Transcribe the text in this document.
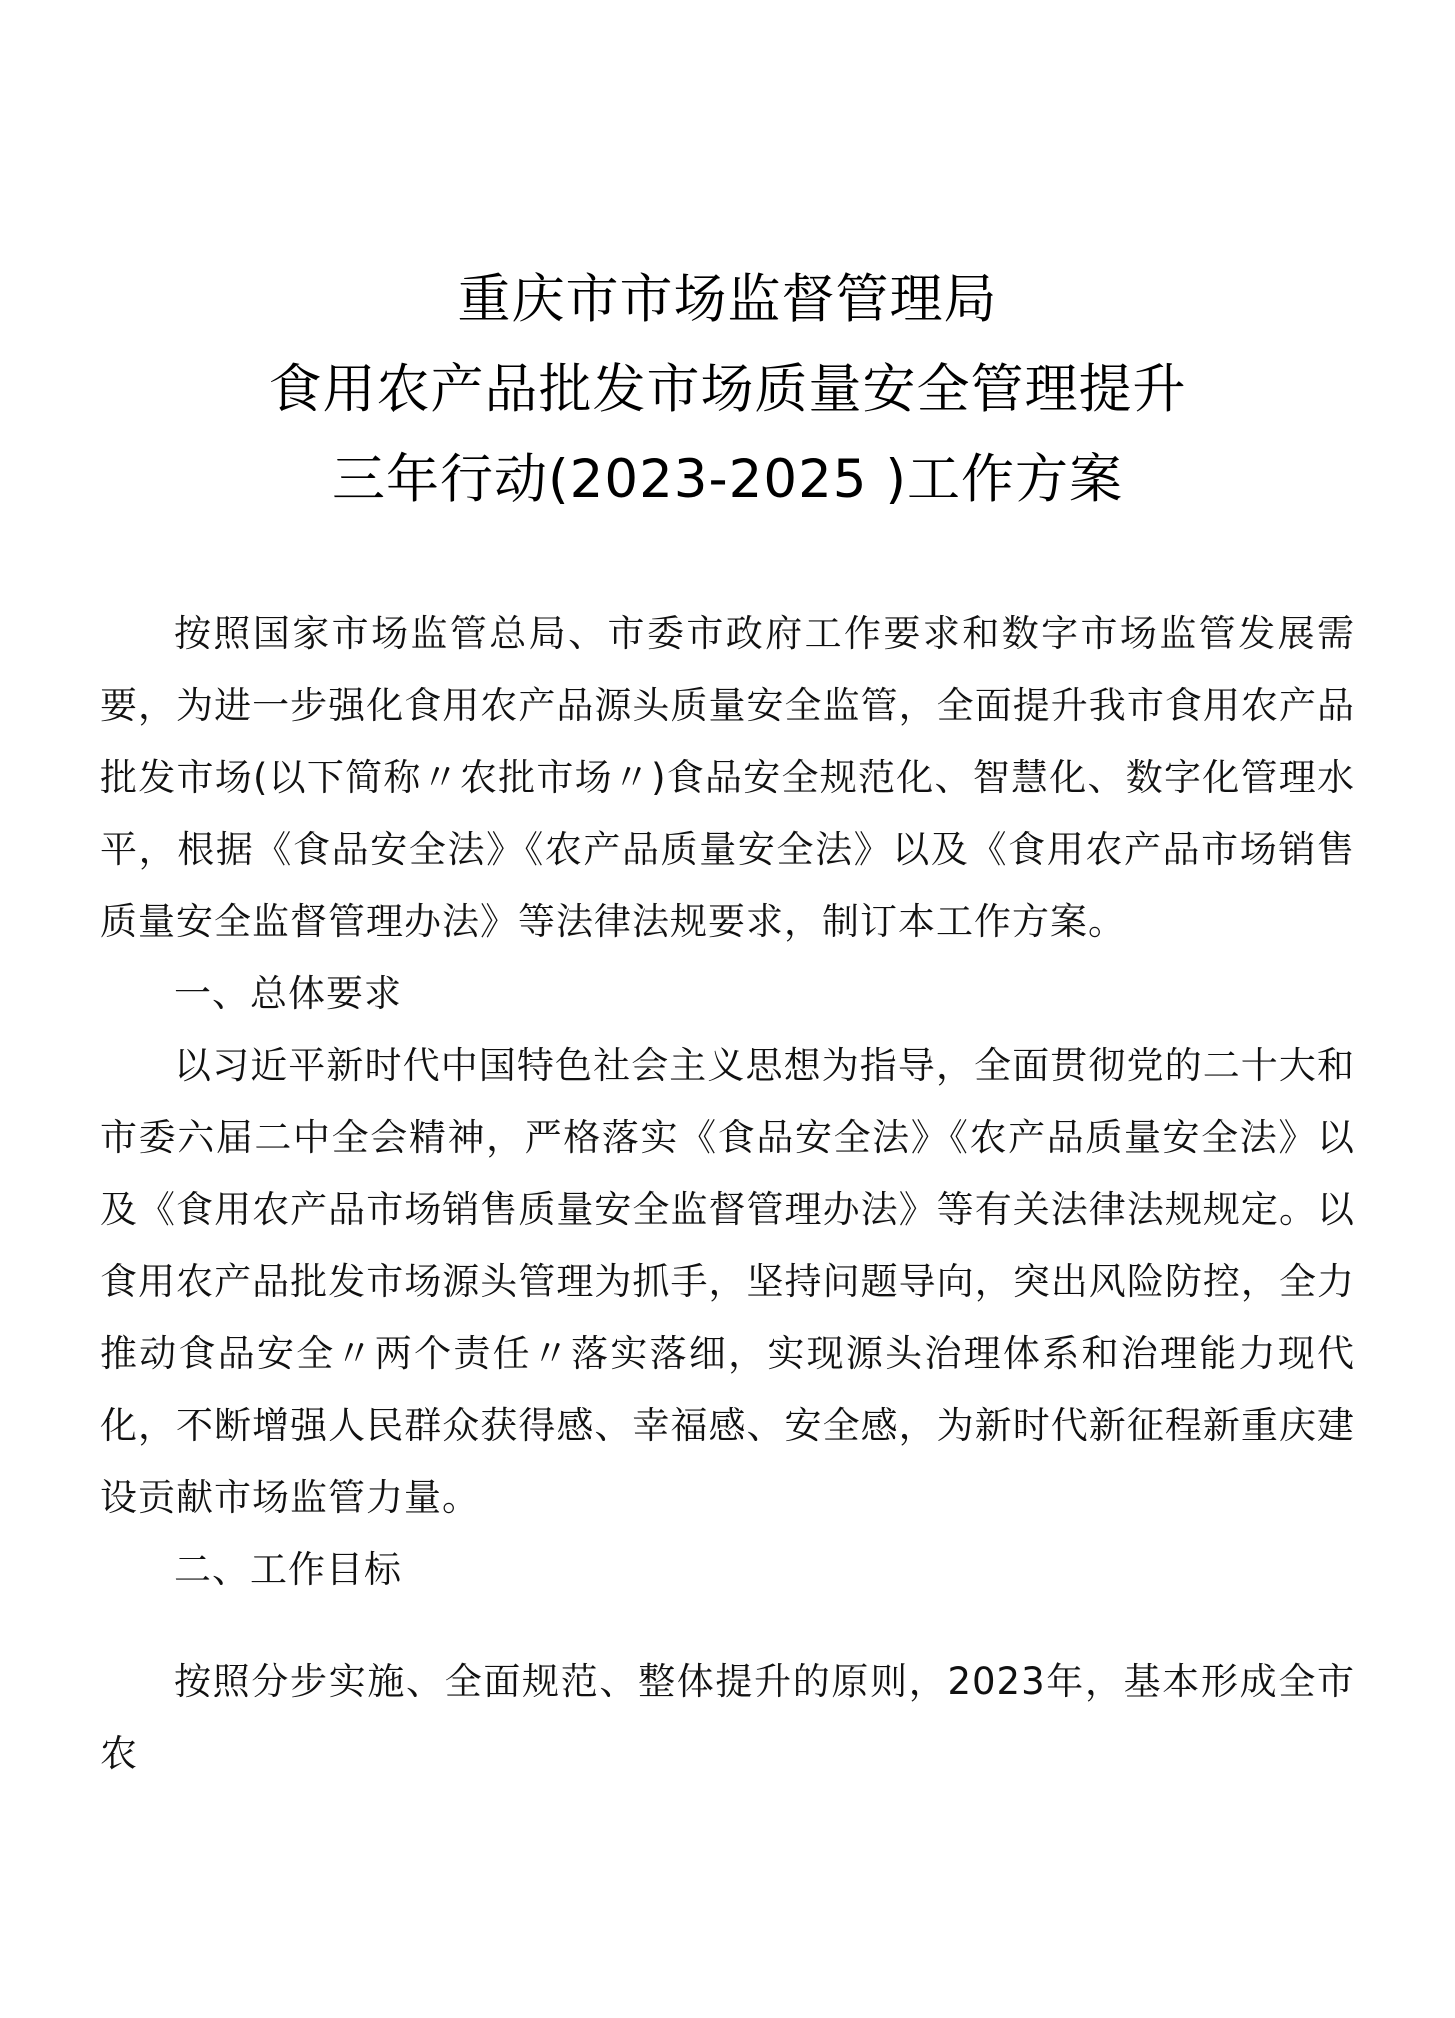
重庆市市场监督管理局
食用农产品批发市场质量安全管理提升
三年行动(2023-2025 )工作方案

按照国家市场监管总局、市委市政府工作要求和数字市场监管发展需要，为进一步强化食用农产品源头质量安全监管，全面提升我市食用农产品批发市场(以下简称〃农批市场〃)食品安全规范化、智慧化、数字化管理水平，根据《食品安全法》《农产品质量安全法》以及《食用农产品市场销售质量安全监督管理办法》等法律法规要求，制订本工作方案。

一、总体要求

以习近平新时代中国特色社会主义思想为指导，全面贯彻党的二十大和市委六届二中全会精神，严格落实《食品安全法》《农产品质量安全法》以及《食用农产品市场销售质量安全监督管理办法》等有关法律法规规定。以食用农产品批发市场源头管理为抓手，坚持问题导向，突出风险防控，全力推动食品安全〃两个责任〃落实落细，实现源头治理体系和治理能力现代化，不断增强人民群众获得感、幸福感、安全感，为新时代新征程新重庆建设贡献市场监管力量。

二、工作目标

按照分步实施、全面规范、整体提升的原则，2023年，基本形成全市农
